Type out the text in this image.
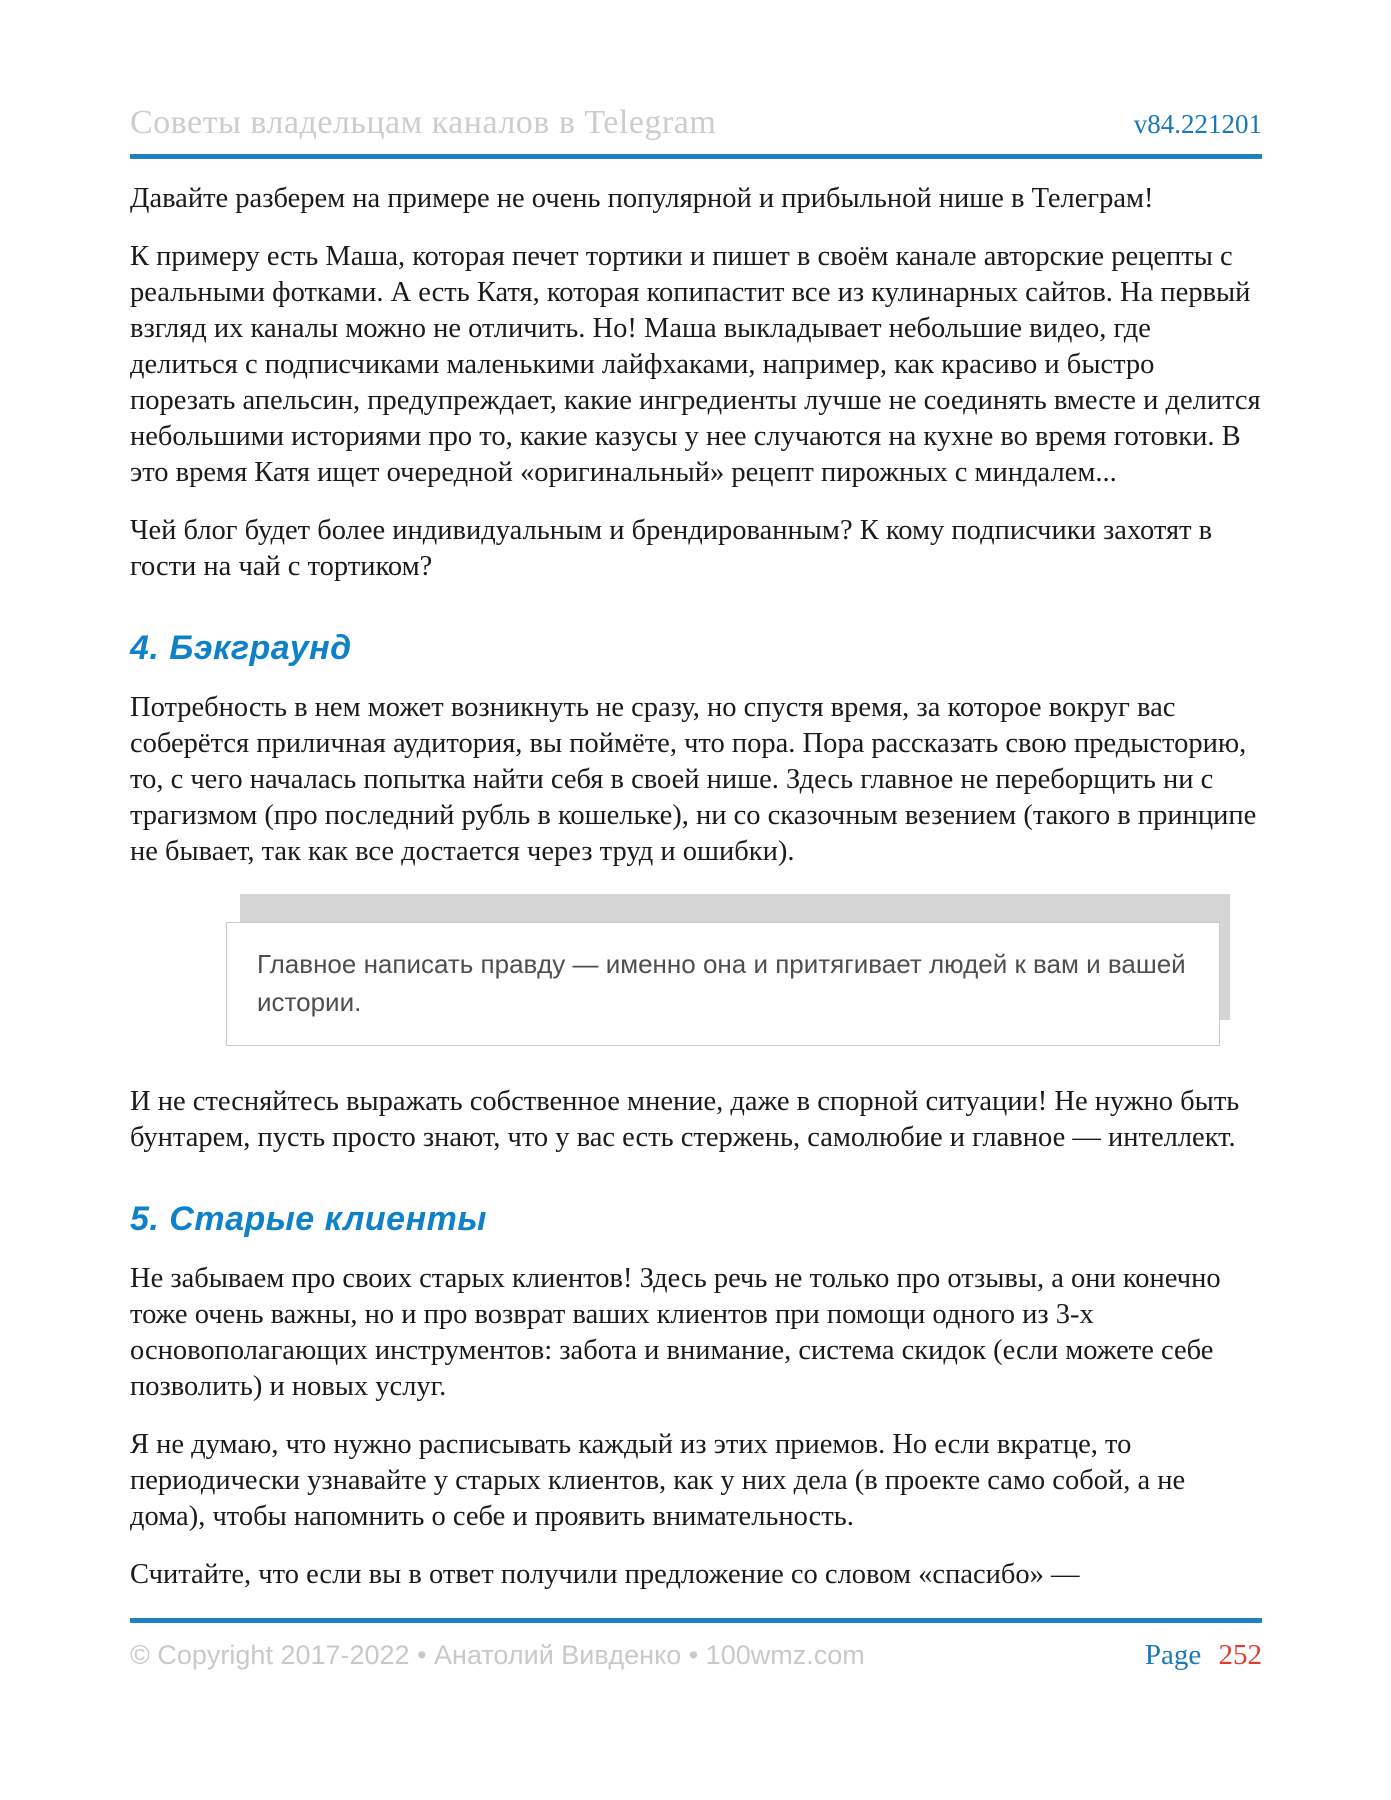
Советы владельцам каналов в Telegram	v84.221201

Давайте разберем на примере не очень популярной и прибыльной нише в Телеграм!

К примеру есть Маша, которая печет тортики и пишет в своём канале авторские рецепты с реальными фотками. А есть Катя, которая копипастит все из кулинарных сайтов. На первый взгляд их каналы можно не отличить. Но! Маша выкладывает небольшие видео, где делиться с подписчиками маленькими лайфхаками, например, как красиво и быстро порезать апельсин, предупреждает, какие ингредиенты лучше не соединять вместе и делится небольшими историями про то, какие казусы у нее случаются на кухне во время готовки. В это время Катя ищет очередной «оригинальный» рецепт пирожных с миндалем...

Чей блог будет более индивидуальным и брендированным? К кому подписчики захотят в гости на чай с тортиком?

4. Бэкграунд

Потребность в нем может возникнуть не сразу, но спустя время, за которое вокруг вас соберётся приличная аудитория, вы поймёте, что пора. Пора рассказать свою предысторию, то, с чего началась попытка найти себя в своей нише. Здесь главное не переборщить ни с трагизмом (про последний рубль в кошельке), ни со сказочным везением (такого в принципе не бывает, так как все достается через труд и ошибки).

Главное написать правду — именно она и притягивает людей к вам и вашей истории.

И не стесняйтесь выражать собственное мнение, даже в спорной ситуации! Не нужно быть бунтарем, пусть просто знают, что у вас есть стержень, самолюбие и главное — интеллект.

5. Старые клиенты

Не забываем про своих старых клиентов! Здесь речь не только про отзывы, а они конечно тоже очень важны, но и про возврат ваших клиентов при помощи одного из 3-х основополагающих инструментов: забота и внимание, система скидок (если можете себе позволить) и новых услуг.

Я не думаю, что нужно расписывать каждый из этих приемов. Но если вкратце, то периодически узнавайте у старых клиентов, как у них дела (в проекте само собой, а не дома), чтобы напомнить о себе и проявить внимательность.

Считайте, что если вы в ответ получили предложение со словом «спасибо» —

© Copyright 2017-2022 • Анатолий Вивденко • 100wmz.com	Page 252
